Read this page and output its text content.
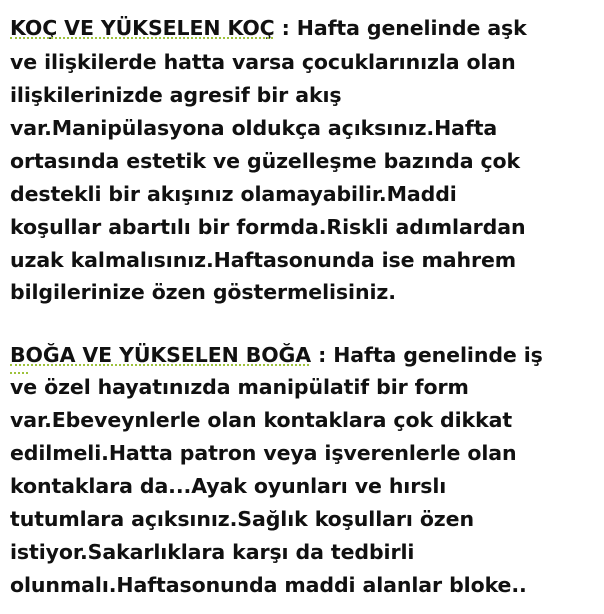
KOÇ VE YÜKSELEN KOÇ : Hafta genelinde aşk
ve ilişkilerde hatta varsa çocuklarınızla olan
ilişkilerinizde agresif bir akış
var.Manipülasyona oldukça açıksınız.Hafta
ortasında estetik ve güzelleşme bazında çok
destekli bir akışınız olamayabilir.Maddi
koşullar abartılı bir formda.Riskli adımlardan
uzak kalmalısınız.Haftasonunda ise mahrem
bilgilerinize özen göstermelisiniz.
BOĞA VE YÜKSELEN BOĞA : Hafta genelinde iş
ve özel hayatınızda manipülatif bir form
var.Ebeveynlerle olan kontaklara çok dikkat
edilmeli.Hatta patron veya işverenlerle olan
kontaklara da...Ayak oyunları ve hırslı
tutumlara açıksınız.Sağlık koşulları özen
istiyor.Sakarlıklara karşı da tedbirli
olunmalı.Haftasonunda maddi alanlar bloke..
